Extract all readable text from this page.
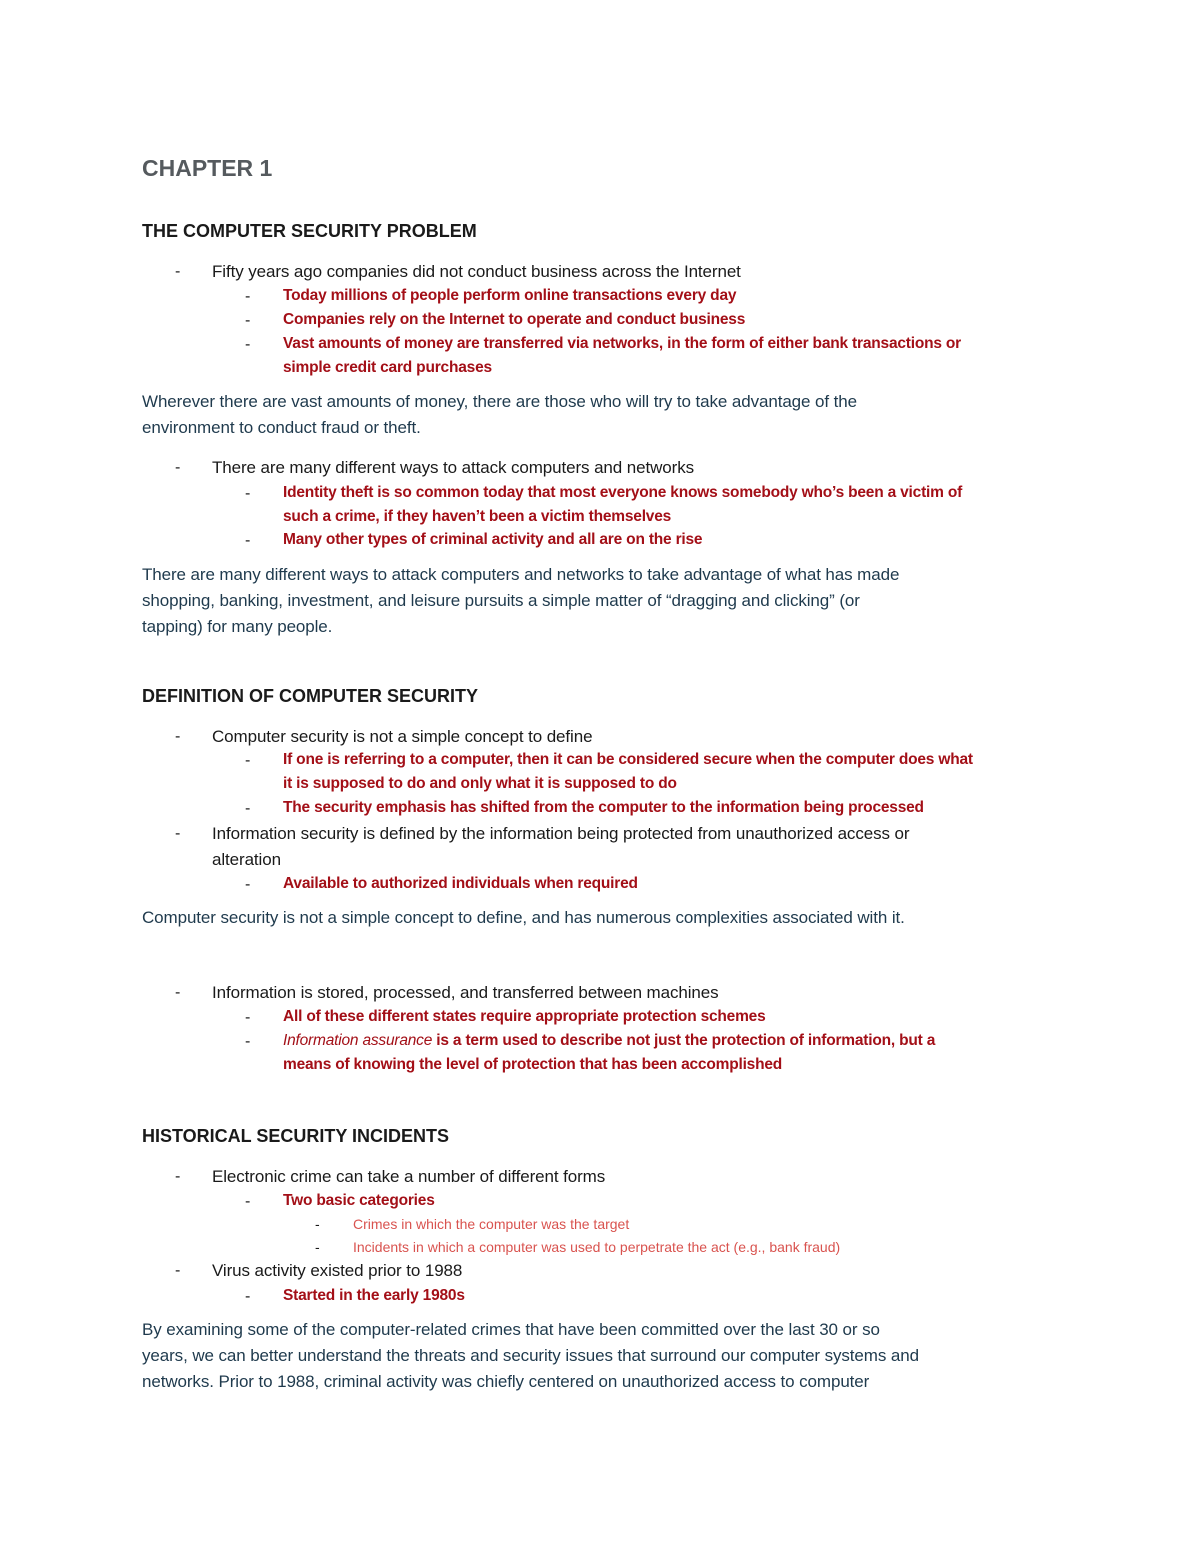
CHAPTER 1
THE COMPUTER SECURITY PROBLEM
- Fifty years ago companies did not conduct business across the Internet
- Today millions of people perform online transactions every day
- Companies rely on the Internet to operate and conduct business
- Vast amounts of money are transferred via networks, in the form of either bank transactions or
simple credit card purchases
Wherever there are vast amounts of money, there are those who will try to take advantage of the
environment to conduct fraud or theft.
- There are many different ways to attack computers and networks
- Identity theft is so common today that most everyone knows somebody who’s been a victim of
such a crime, if they haven’t been a victim themselves
- Many other types of criminal activity and all are on the rise
There are many different ways to attack computers and networks to take advantage of what has made
shopping, banking, investment, and leisure pursuits a simple matter of “dragging and clicking” (or
tapping) for many people.
DEFINITION OF COMPUTER SECURITY
- Computer security is not a simple concept to define
- If one is referring to a computer, then it can be considered secure when the computer does what
it is supposed to do and only what it is supposed to do
- The security emphasis has shifted from the computer to the information being processed
- Information security is defined by the information being protected from unauthorized access or
alteration
- Available to authorized individuals when required
Computer security is not a simple concept to define, and has numerous complexities associated with it.
- Information is stored, processed, and transferred between machines
- All of these different states require appropriate protection schemes
- Information assurance is a term used to describe not just the protection of information, but a
means of knowing the level of protection that has been accomplished
HISTORICAL SECURITY INCIDENTS
- Electronic crime can take a number of different forms
- Two basic categories
- Crimes in which the computer was the target
- Incidents in which a computer was used to perpetrate the act (e.g., bank fraud)
- Virus activity existed prior to 1988
- Started in the early 1980s
By examining some of the computer-related crimes that have been committed over the last 30 or so
years, we can better understand the threats and security issues that surround our computer systems and
networks. Prior to 1988, criminal activity was chiefly centered on unauthorized access to computer
